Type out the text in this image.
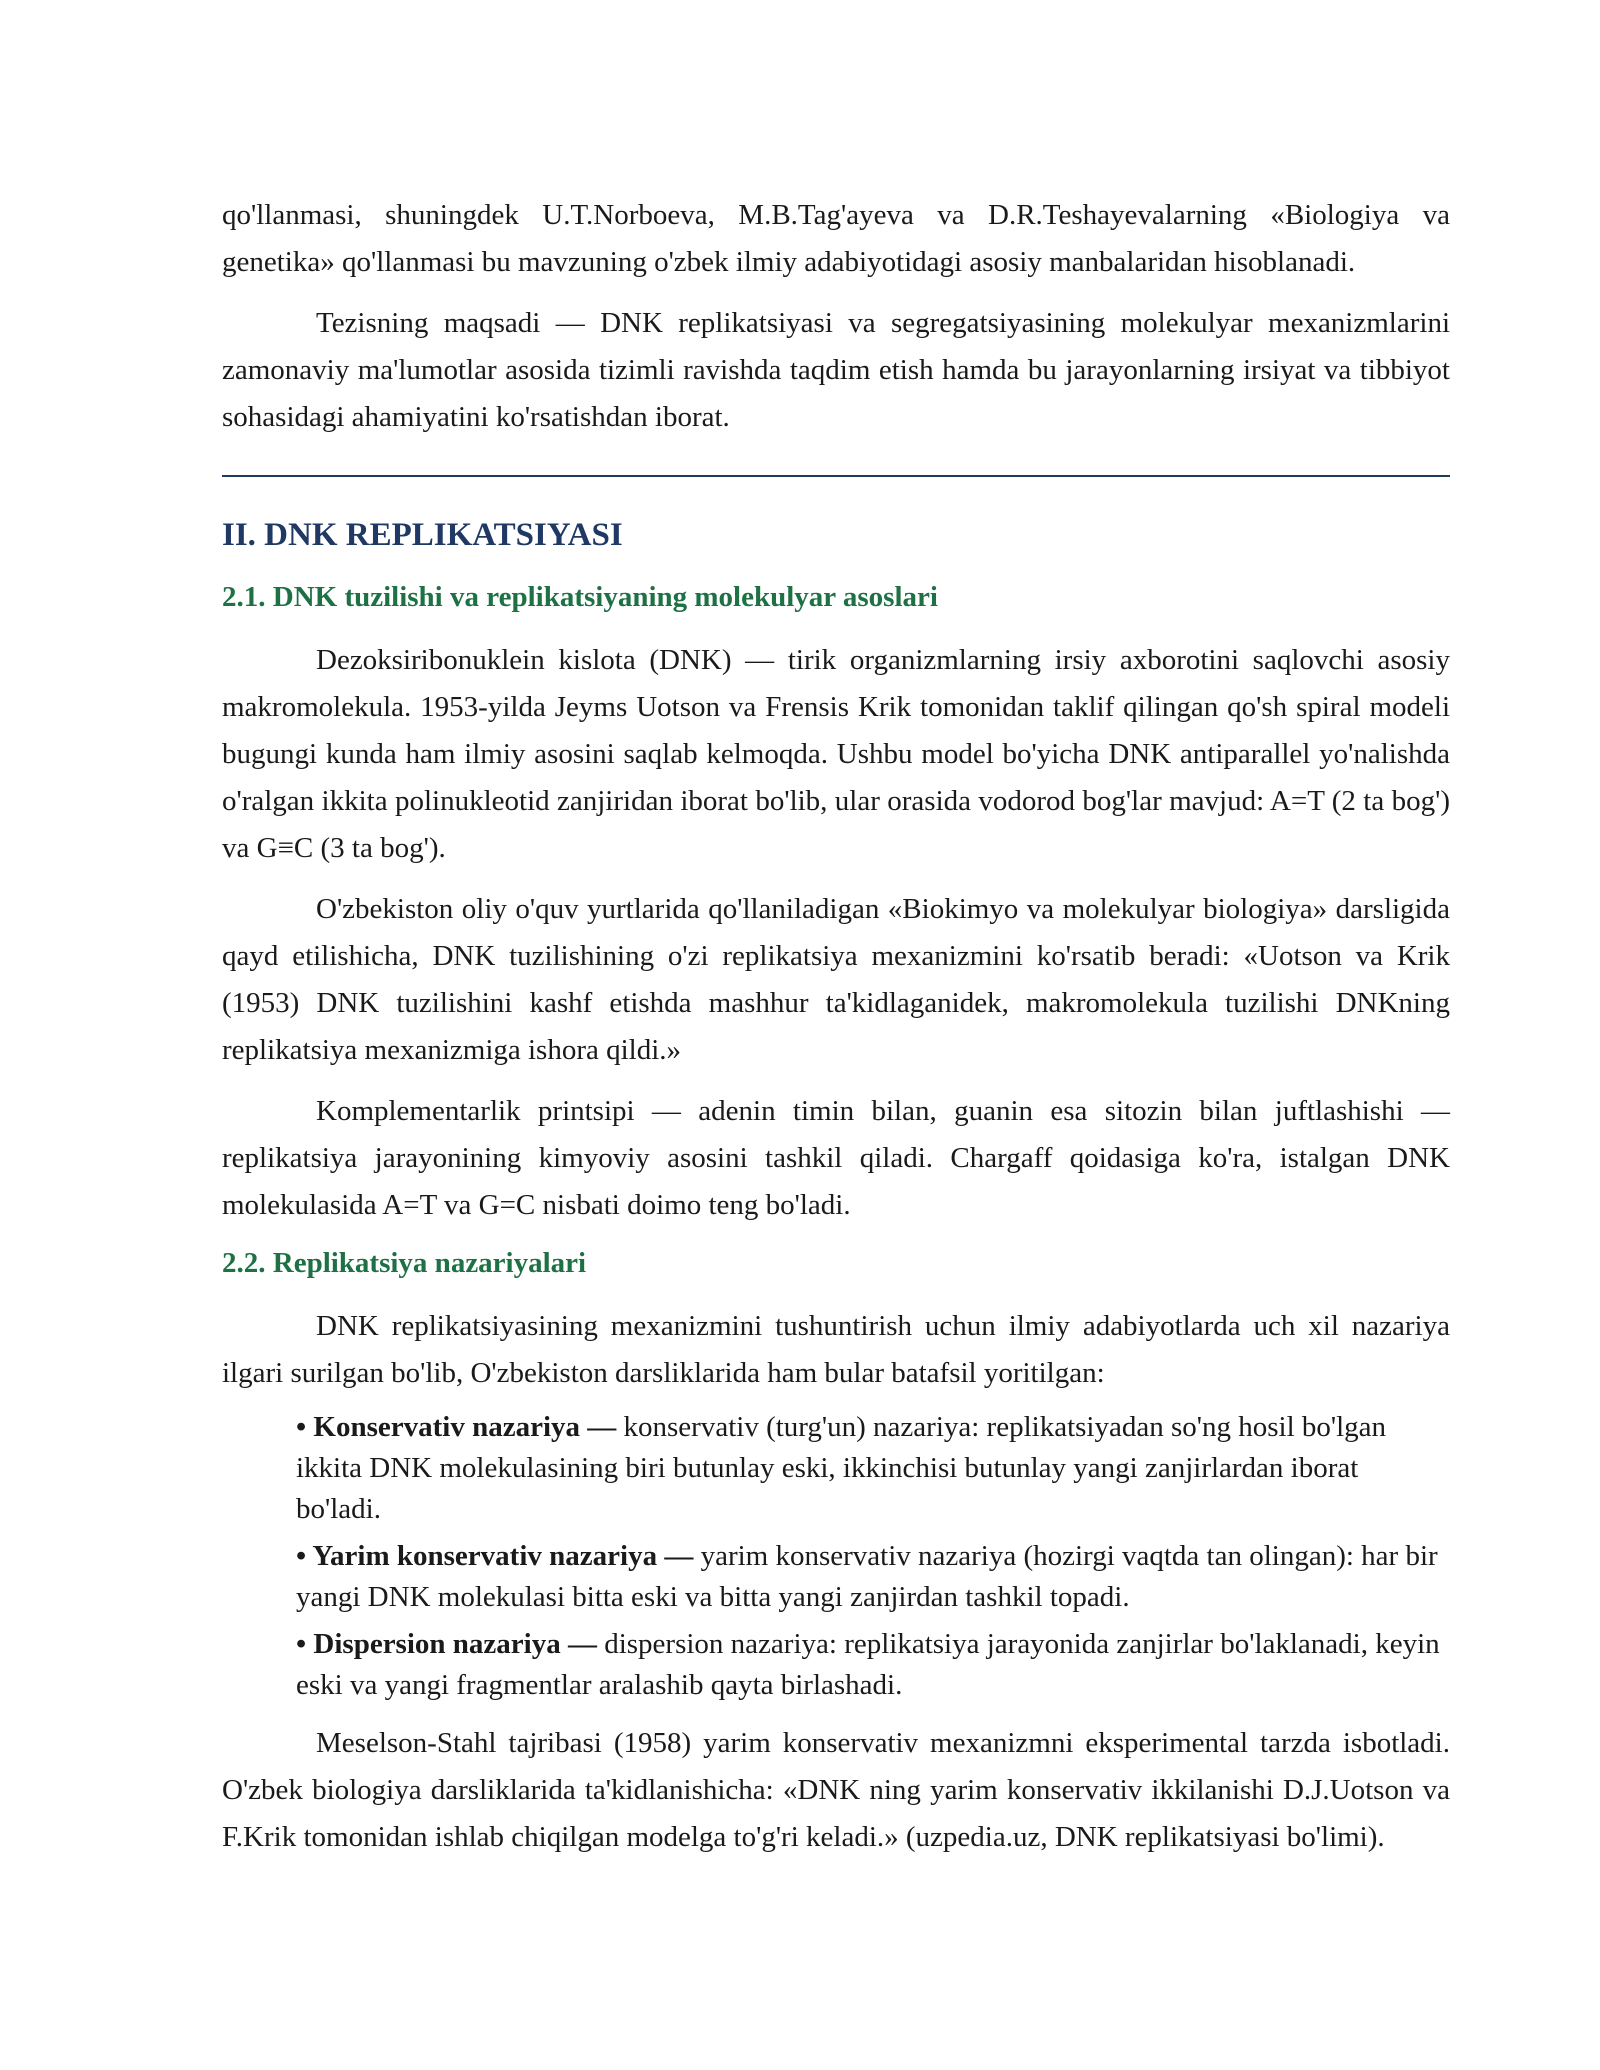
qo'llanmasi, shuningdek U.T.Norboeva, M.B.Tag'ayeva va D.R.Teshayevalarning «Biologiya va genetika» qo'llanmasi bu mavzuning o'zbek ilmiy adabiyotidagi asosiy manbalaridan hisoblanadi.

Tezisning maqsadi — DNK replikatsiyasi va segregatsiyasining molekulyar mexanizmlarini zamonaviy ma'lumotlar asosida tizimli ravishda taqdim etish hamda bu jarayonlarning irsiyat va tibbiyot sohasidagi ahamiyatini ko'rsatishdan iborat.

II. DNK REPLIKATSIYASI
2.1. DNK tuzilishi va replikatsiyaning molekulyar asoslari

Dezoksiribonuklein kislota (DNK) — tirik organizmlarning irsiy axborotini saqlovchi asosiy makromolekula. 1953-yilda Jeyms Uotson va Frensis Krik tomonidan taklif qilingan qo'sh spiral modeli bugungi kunda ham ilmiy asosini saqlab kelmoqda. Ushbu model bo'yicha DNK antiparallel yo'nalishda o'ralgan ikkita polinukleotid zanjiridan iborat bo'lib, ular orasida vodorod bog'lar mavjud: A=T (2 ta bog') va G≡C (3 ta bog').

O'zbekiston oliy o'quv yurtlarida qo'llaniladigan «Biokimyo va molekulyar biologiya» darsligida qayd etilishicha, DNK tuzilishining o'zi replikatsiya mexanizmini ko'rsatib beradi: «Uotson va Krik (1953) DNK tuzilishini kashf etishda mashhur ta'kidlaganidek, makromolekula tuzilishi DNKning replikatsiya mexanizmiga ishora qildi.»

Komplementarlik printsipi — adenin timin bilan, guanin esa sitozin bilan juftlashishi — replikatsiya jarayonining kimyoviy asosini tashkil qiladi. Chargaff qoidasiga ko'ra, istalgan DNK molekulasida A=T va G=C nisbati doimo teng bo'ladi.

2.2. Replikatsiya nazariyalari

DNK replikatsiyasining mexanizmini tushuntirish uchun ilmiy adabiyotlarda uch xil nazariya ilgari surilgan bo'lib, O'zbekiston darsliklarida ham bular batafsil yoritilgan:

• Konservativ nazariya — konservativ (turg'un) nazariya: replikatsiyadan so'ng hosil bo'lgan ikkita DNK molekulasining biri butunlay eski, ikkinchisi butunlay yangi zanjirlardan iborat bo'ladi.
• Yarim konservativ nazariya — yarim konservativ nazariya (hozirgi vaqtda tan olingan): har bir yangi DNK molekulasi bitta eski va bitta yangi zanjirdan tashkil topadi.
• Dispersion nazariya — dispersion nazariya: replikatsiya jarayonida zanjirlar bo'laklanadi, keyin eski va yangi fragmentlar aralashib qayta birlashadi.

Meselson-Stahl tajribasi (1958) yarim konservativ mexanizmni eksperimental tarzda isbotladi. O'zbek biologiya darsliklarida ta'kidlanishicha: «DNK ning yarim konservativ ikkilanishi D.J.Uotson va F.Krik tomonidan ishlab chiqilgan modelga to'g'ri keladi.» (uzpedia.uz, DNK replikatsiyasi bo'limi).
